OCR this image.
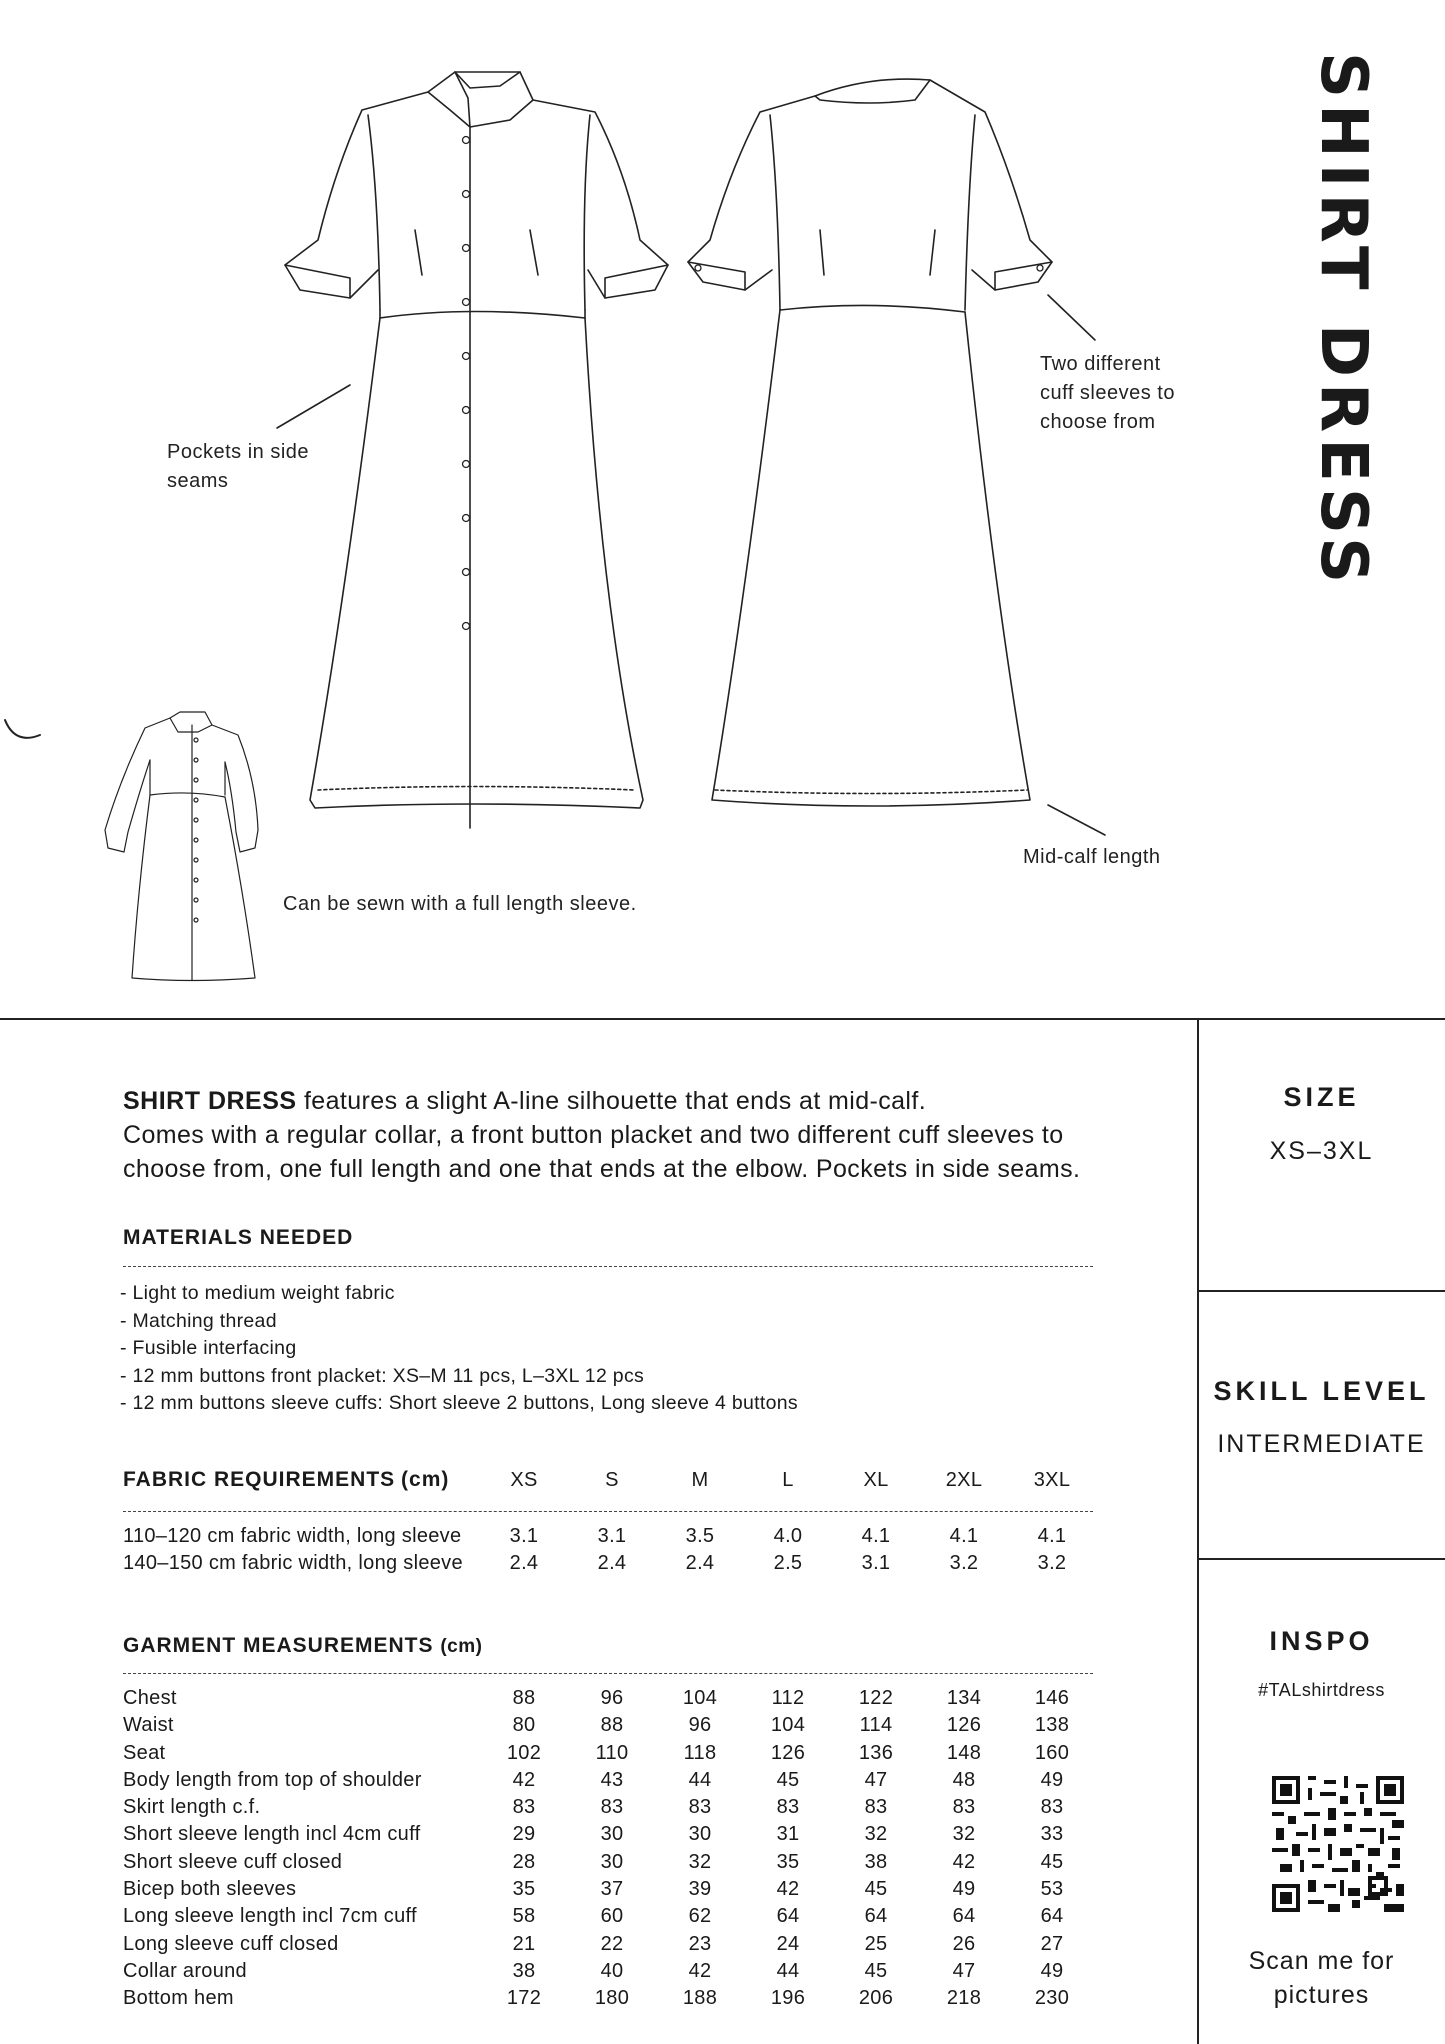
SHIRT DRESS
Pockets in side
seams
Two different
cuff sleeves to
choose from
Mid-calf length
Can be sewn with a full length sleeve.
SHIRT DRESS features a slight A-line silhouette that ends at mid-calf.
Comes with a regular collar, a front button placket and two different cuff sleeves to
choose from, one full length and one that ends at the elbow. Pockets in side seams.
MATERIALS NEEDED
- Light to medium weight fabric
- Matching thread
- Fusible interfacing
- 12 mm buttons front placket: XS–M 11 pcs, L–3XL 12 pcs
- 12 mm buttons sleeve cuffs: Short sleeve 2 buttons, Long sleeve 4 buttons
FABRIC REQUIREMENTS (cm)	XS	S	M	L	XL	2XL	3XL
110–120 cm fabric width, long sleeve	3.1	3.1	3.5	4.0	4.1	4.1	4.1
140–150 cm fabric width, long sleeve	2.4	2.4	2.4	2.5	3.1	3.2	3.2
GARMENT MEASUREMENTS (cm)
Chest	88	96	104	112	122	134	146
Waist	80	88	96	104	114	126	138
Seat	102	110	118	126	136	148	160
Body length from top of shoulder	42	43	44	45	47	48	49
Skirt length c.f.	83	83	83	83	83	83	83
Short sleeve length incl 4cm cuff	29	30	30	31	32	32	33
Short sleeve cuff closed	28	30	32	35	38	42	45
Bicep both sleeves	35	37	39	42	45	49	53
Long sleeve length incl 7cm cuff	58	60	62	64	64	64	64
Long sleeve cuff closed	21	22	23	24	25	26	27
Collar around	38	40	42	44	45	47	49
Bottom hem	172	180	188	196	206	218	230
SIZE
XS–3XL
SKILL LEVEL
INTERMEDIATE
INSPO
#TALshirtdress
Scan me for
pictures
